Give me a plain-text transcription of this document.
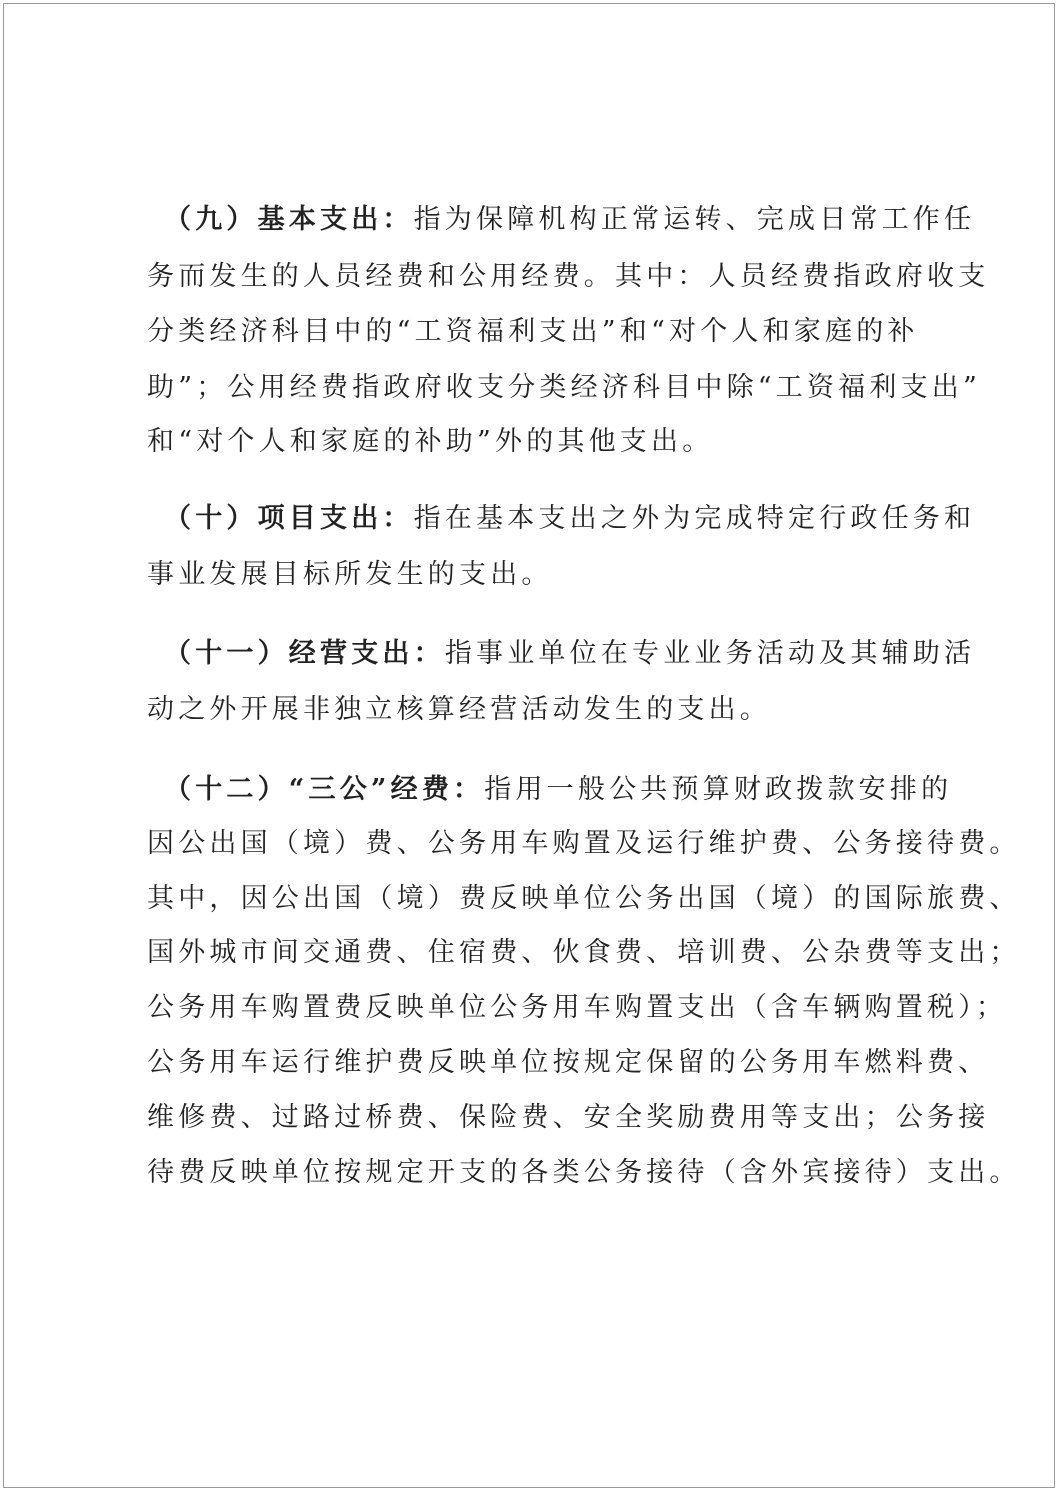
（九）基本支出：指为保障机构正常运转、完成日常工作任
务而发生的人员经费和公用经费。其中：人员经费指政府收支
分类经济科目中的“工资福利支出”和“对个人和家庭的补
助”；公用经费指政府收支分类经济科目中除“工资福利支出”
和“对个人和家庭的补助”外的其他支出。
（十）项目支出：指在基本支出之外为完成特定行政任务和
事业发展目标所发生的支出。
（十一）经营支出：指事业单位在专业业务活动及其辅助活
动之外开展非独立核算经营活动发生的支出。
（十二）“三公”经费：指用一般公共预算财政拨款安排的
因公出国（境）费、公务用车购置及运行维护费、公务接待费。
其中，因公出国（境）费反映单位公务出国（境）的国际旅费、
国外城市间交通费、住宿费、伙食费、培训费、公杂费等支出；
公务用车购置费反映单位公务用车购置支出（含车辆购置税）；
公务用车运行维护费反映单位按规定保留的公务用车燃料费、
维修费、过路过桥费、保险费、安全奖励费用等支出；公务接
待费反映单位按规定开支的各类公务接待（含外宾接待）支出。
